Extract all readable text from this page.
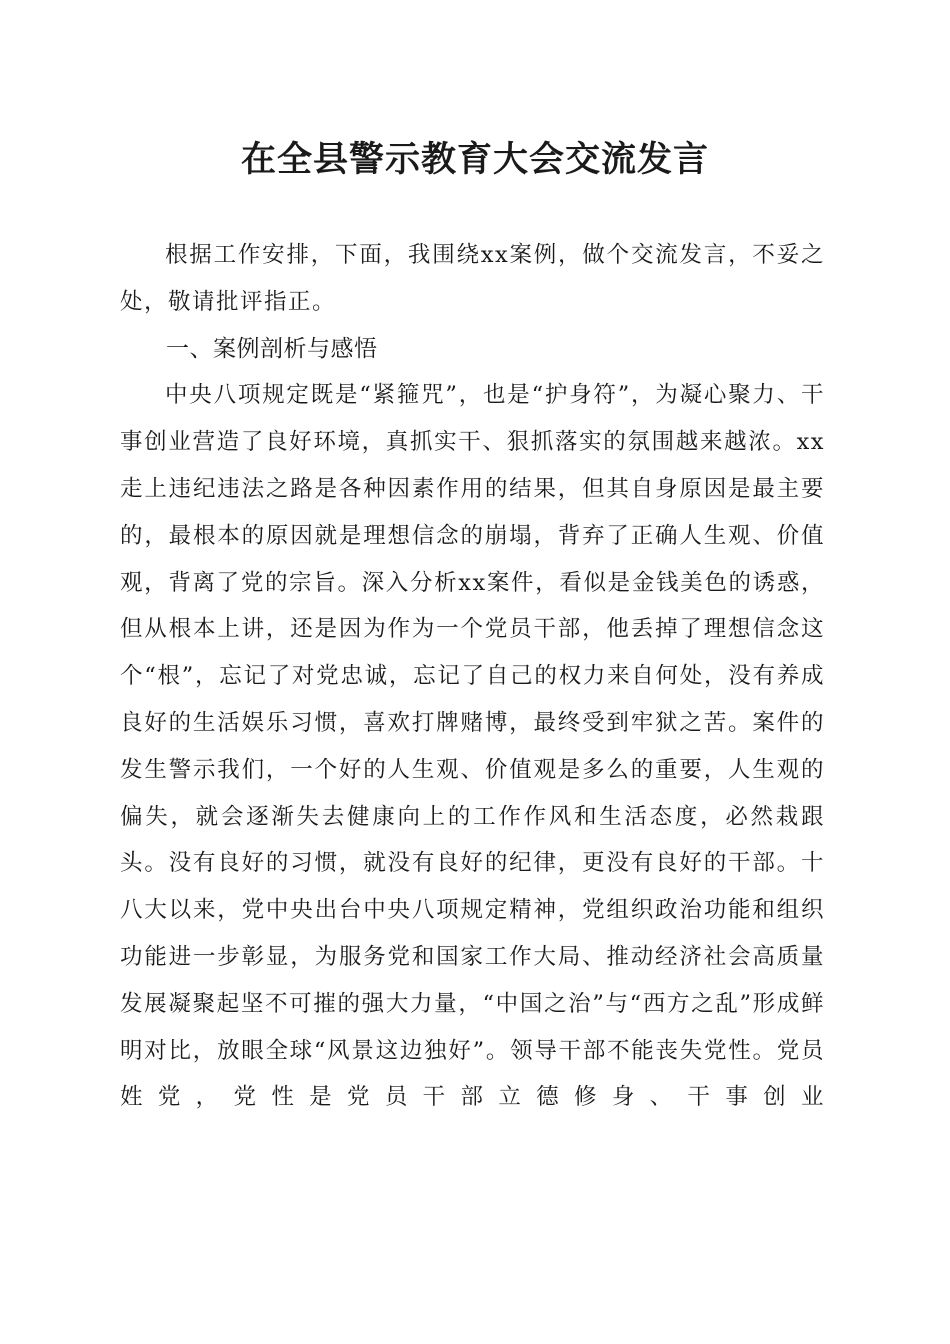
在全县警示教育大会交流发言

根据工作安排，下面，我围绕xx案例，做个交流发言，不妥之处，敬请批评指正。

一、案例剖析与感悟

中央八项规定既是“紧箍咒”，也是“护身符”，为凝心聚力、干事创业营造了良好环境，真抓实干、狠抓落实的氛围越来越浓。xx走上违纪违法之路是各种因素作用的结果，但其自身原因是最主要的，最根本的原因就是理想信念的崩塌，背弃了正确人生观、价值观，背离了党的宗旨。深入分析xx案件，看似是金钱美色的诱惑，但从根本上讲，还是因为作为一个党员干部，他丢掉了理想信念这个“根”，忘记了对党忠诚，忘记了自己的权力来自何处，没有养成良好的生活娱乐习惯，喜欢打牌赌博，最终受到牢狱之苦。案件的发生警示我们，一个好的人生观、价值观是多么的重要，人生观的偏失，就会逐渐失去健康向上的工作作风和生活态度，必然栽跟头。没有良好的习惯，就没有良好的纪律，更没有良好的干部。十八大以来，党中央出台中央八项规定精神，党组织政治功能和组织功能进一步彰显，为服务党和国家工作大局、推动经济社会高质量发展凝聚起坚不可摧的强大力量，“中国之治”与“西方之乱”形成鲜明对比，放眼全球“风景这边独好”。领导干部不能丧失党性。党员姓党，党性是党员干部立德修身、干事创业
